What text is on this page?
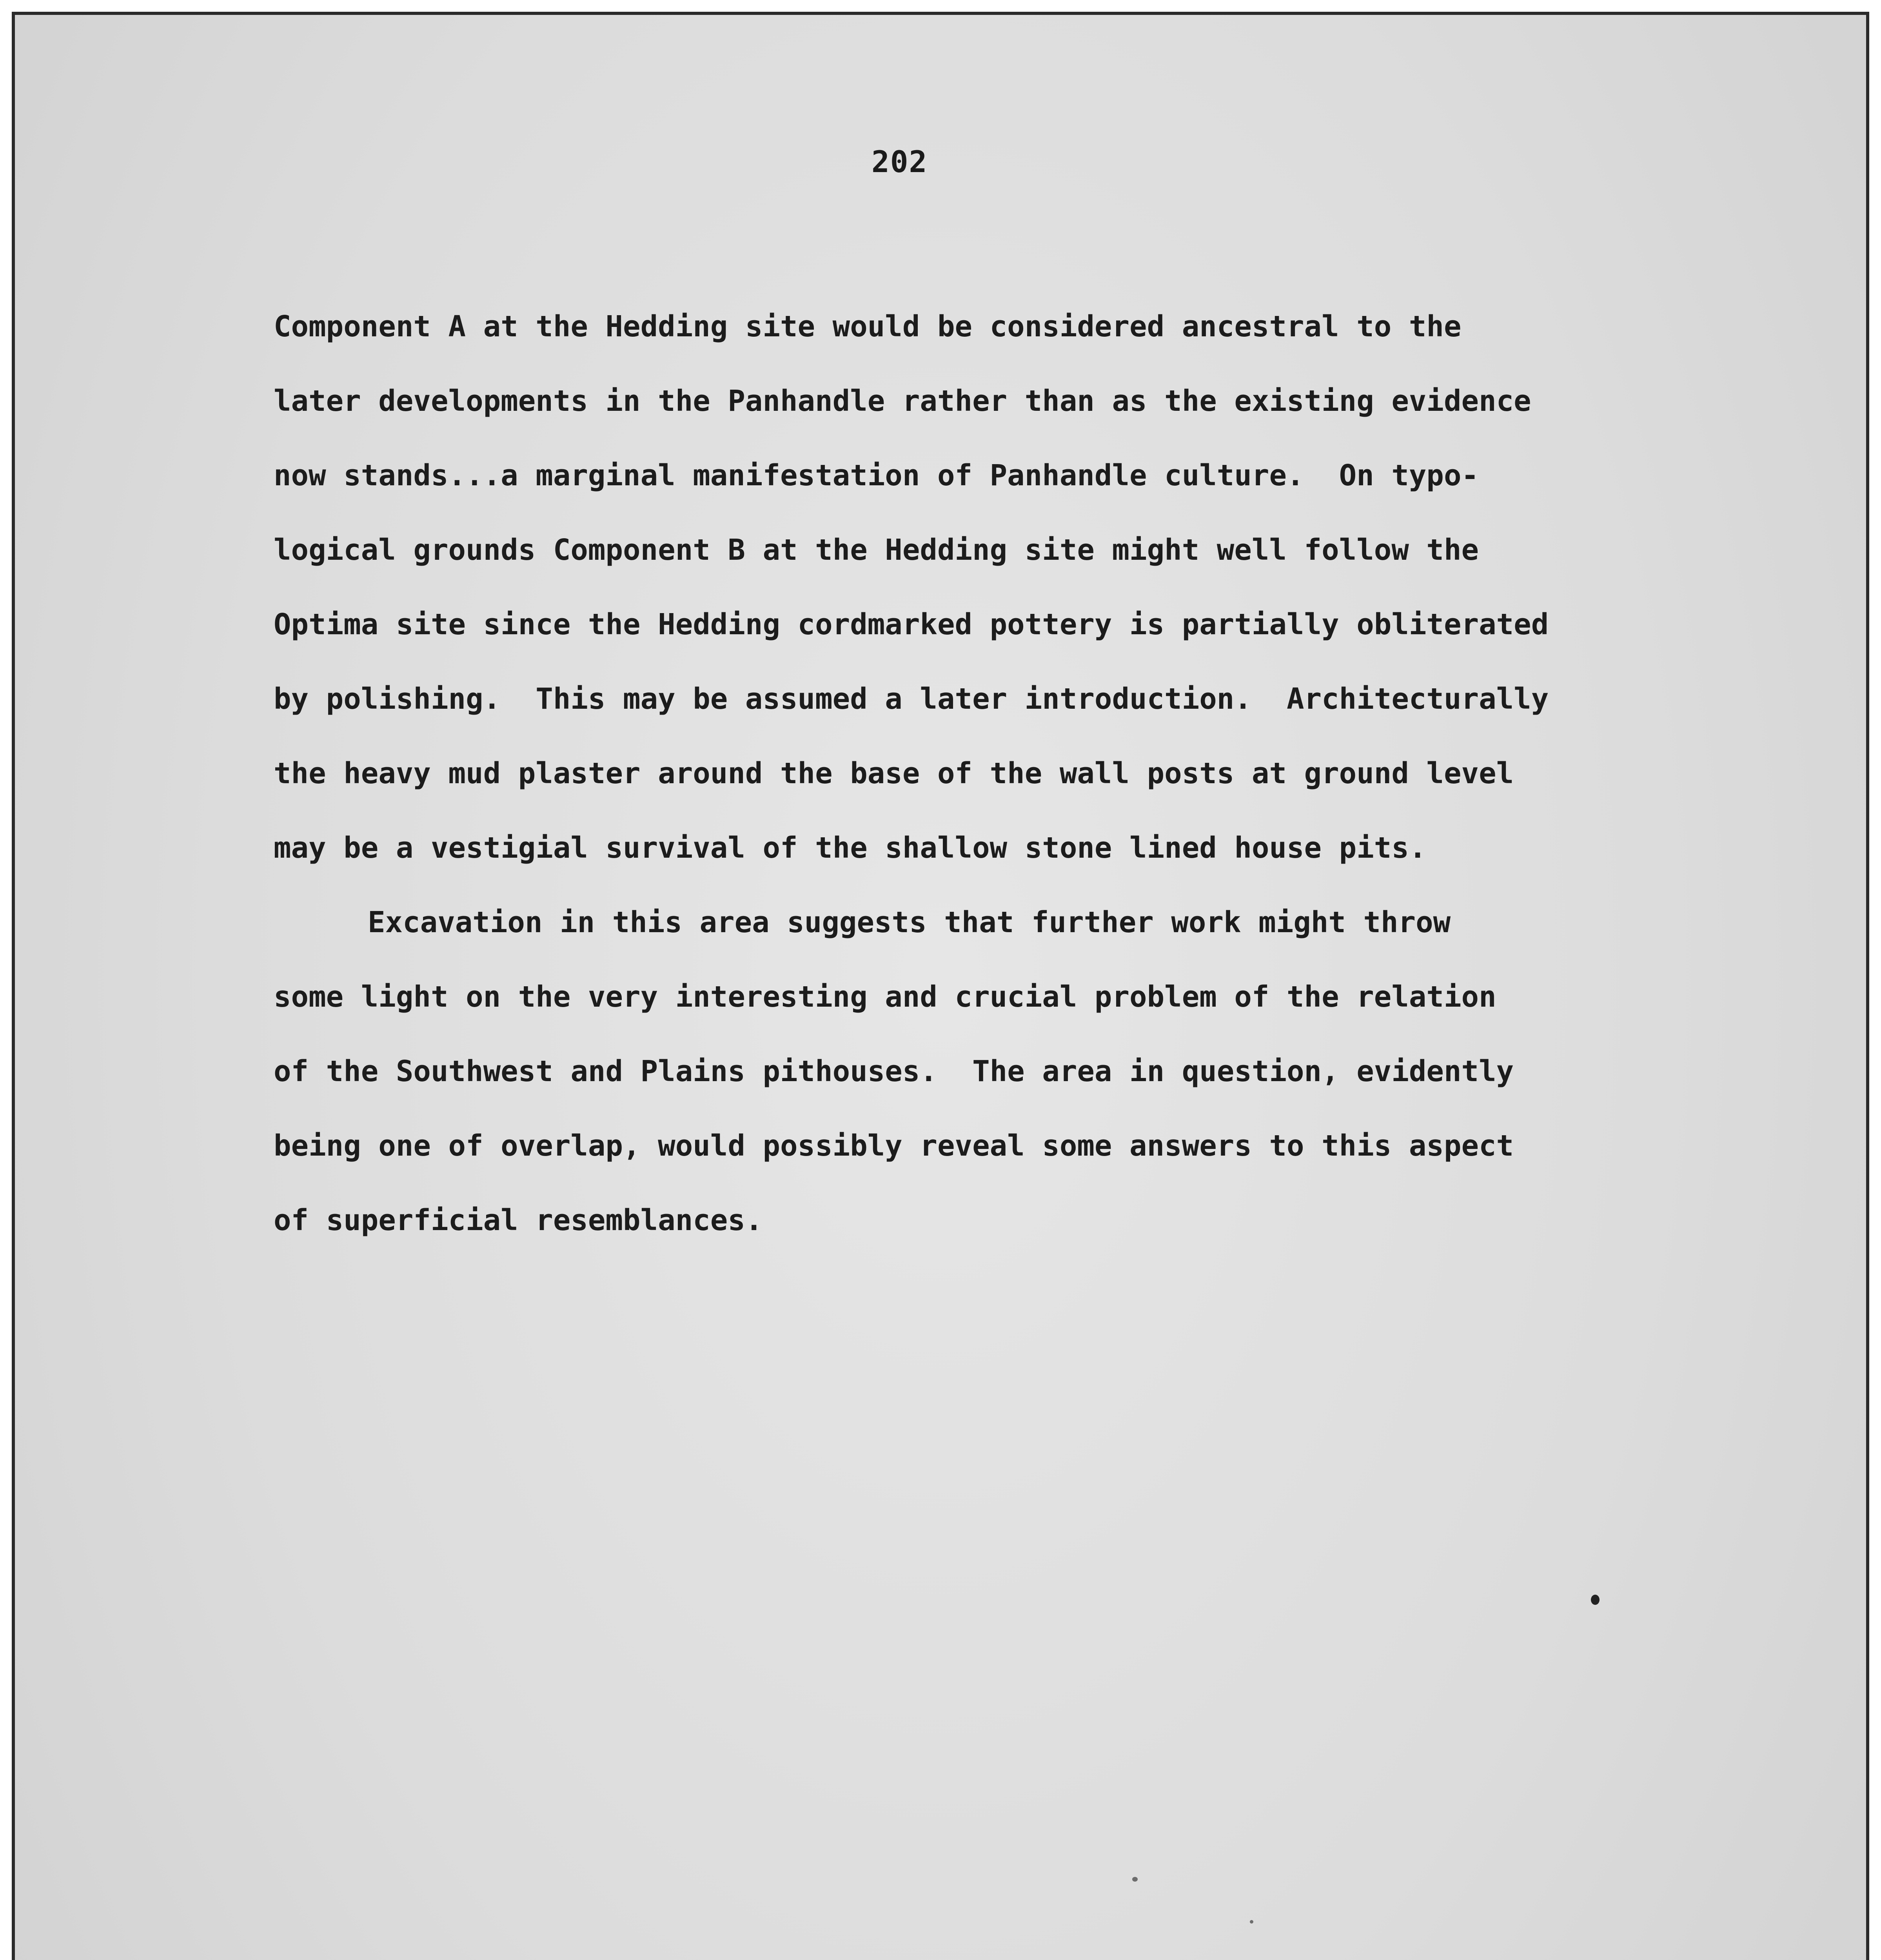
202
Component A at the Hedding site would be considered ancestral to the
later developments in the Panhandle rather than as the existing evidence
now stands...a marginal manifestation of Panhandle culture.  On typo-
logical grounds Component B at the Hedding site might well follow the
Optima site since the Hedding cordmarked pottery is partially obliterated
by polishing.  This may be assumed a later introduction.  Architecturally
the heavy mud plaster around the base of the wall posts at ground level
may be a vestigial survival of the shallow stone lined house pits.
Excavation in this area suggests that further work might throw
some light on the very interesting and crucial problem of the relation
of the Southwest and Plains pithouses.  The area in question, evidently
being one of overlap, would possibly reveal some answers to this aspect
of superficial resemblances.
